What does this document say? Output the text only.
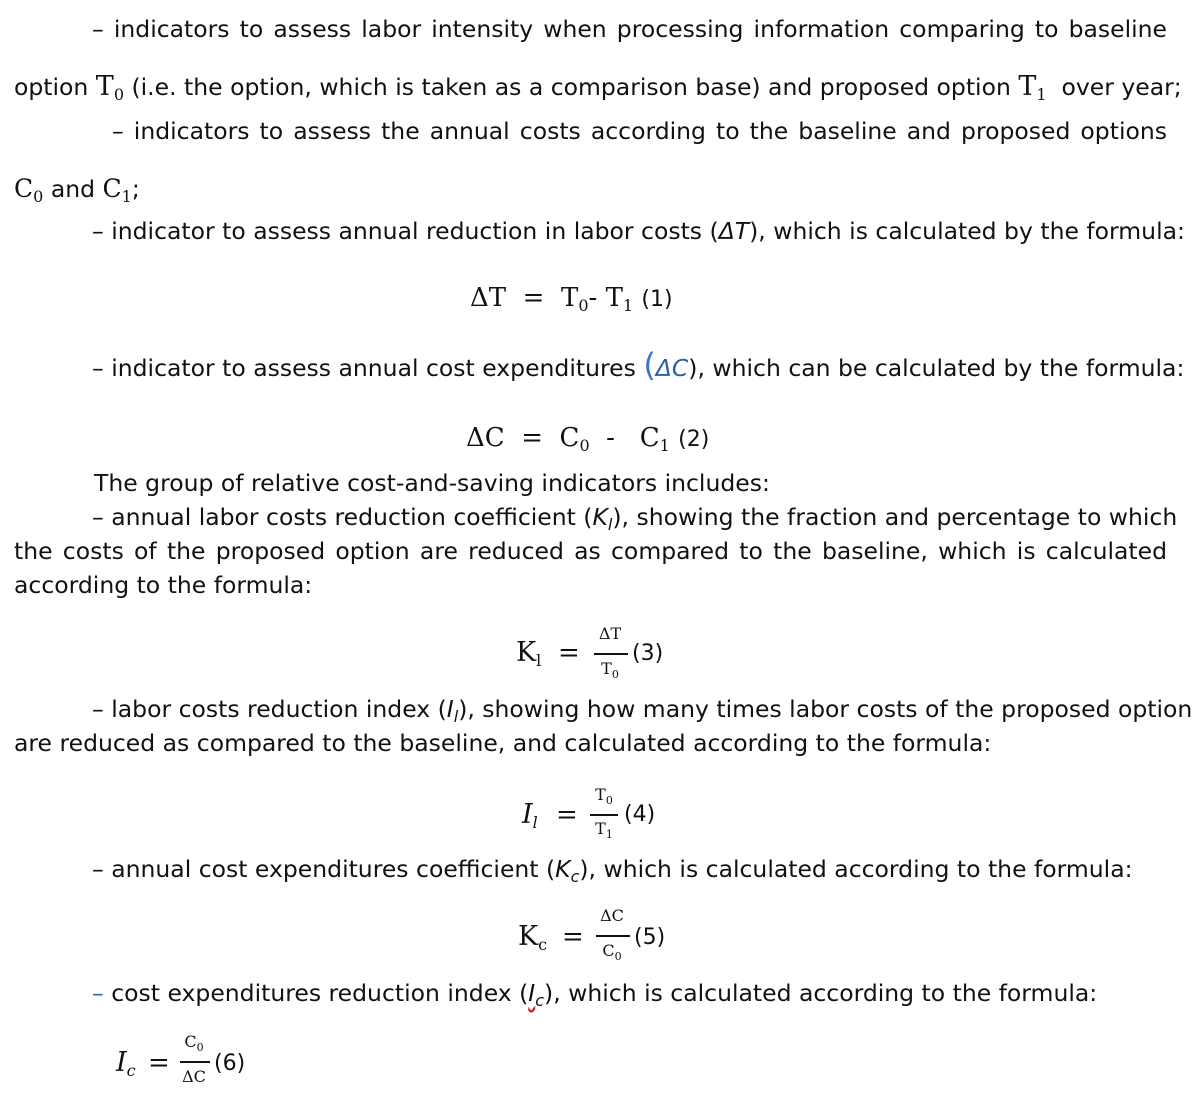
– indicators to assess labor intensity when processing information comparing to baseline
option $T_0$ (i.e. the option, which is taken as a comparison base) and proposed option $T_1$ over year;
– indicators to assess the annual costs according to the baseline and proposed options
$C_0$ and $C_1$;
– indicator to assess annual reduction in labor costs (ΔT), which is calculated by the formula:
$\Delta T = T_0-$ $T_1$ (1)
– indicator to assess annual cost expenditures (ΔC), which can be calculated by the formula:
$\Delta C = C_0 - C_1$ (2)
The group of relative cost-and-saving indicators includes:
– annual labor costs reduction coefficient $(K_l)$, showing the fraction and percentage to which
the costs of the proposed option are reduced as compared to the baseline, which is calculated
according to the formula:
$K_l$ =
ΔT
$T_0$
(3)
– labor costs reduction index $(I_l)$, showing how many times labor costs of the proposed option
are reduced as compared to the baseline, and calculated according to the formula:
$I_l$ =
$T_0$
$T_1$
(4)
– annual cost expenditures coefficient $(K_c)$, which is calculated according to the formula:
$K_c$ =
ΔC
$C_0$
(5)
– cost expenditures reduction index $(I_c)$, which is calculated according to the formula:
$I_c$ =
$C_0$
ΔC
(6)
